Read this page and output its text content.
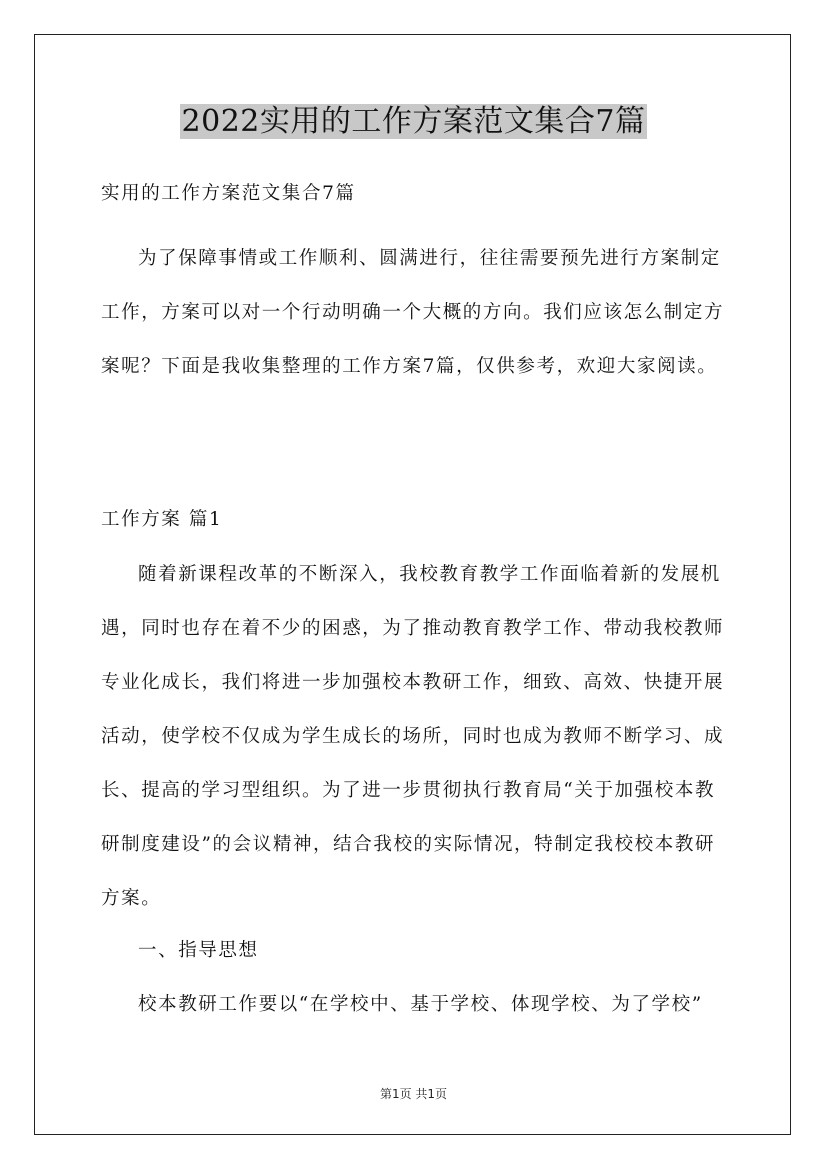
2022实用的工作方案范文集合7篇

实用的工作方案范文集合7篇

为了保障事情或工作顺利、圆满进行，往往需要预先进行方案制定工作，方案可以对一个行动明确一个大概的方向。我们应该怎么制定方案呢？下面是我收集整理的工作方案7篇，仅供参考，欢迎大家阅读。

工作方案 篇1

随着新课程改革的不断深入，我校教育教学工作面临着新的发展机遇，同时也存在着不少的困惑，为了推动教育教学工作、带动我校教师专业化成长，我们将进一步加强校本教研工作，细致、高效、快捷开展活动，使学校不仅成为学生成长的场所，同时也成为教师不断学习、成长、提高的学习型组织。为了进一步贯彻执行教育局“关于加强校本教研制度建设”的会议精神，结合我校的实际情况，特制定我校校本教研方案。

一、指导思想

校本教研工作要以“在学校中、基于学校、体现学校、为了学校”

第1页 共1页
